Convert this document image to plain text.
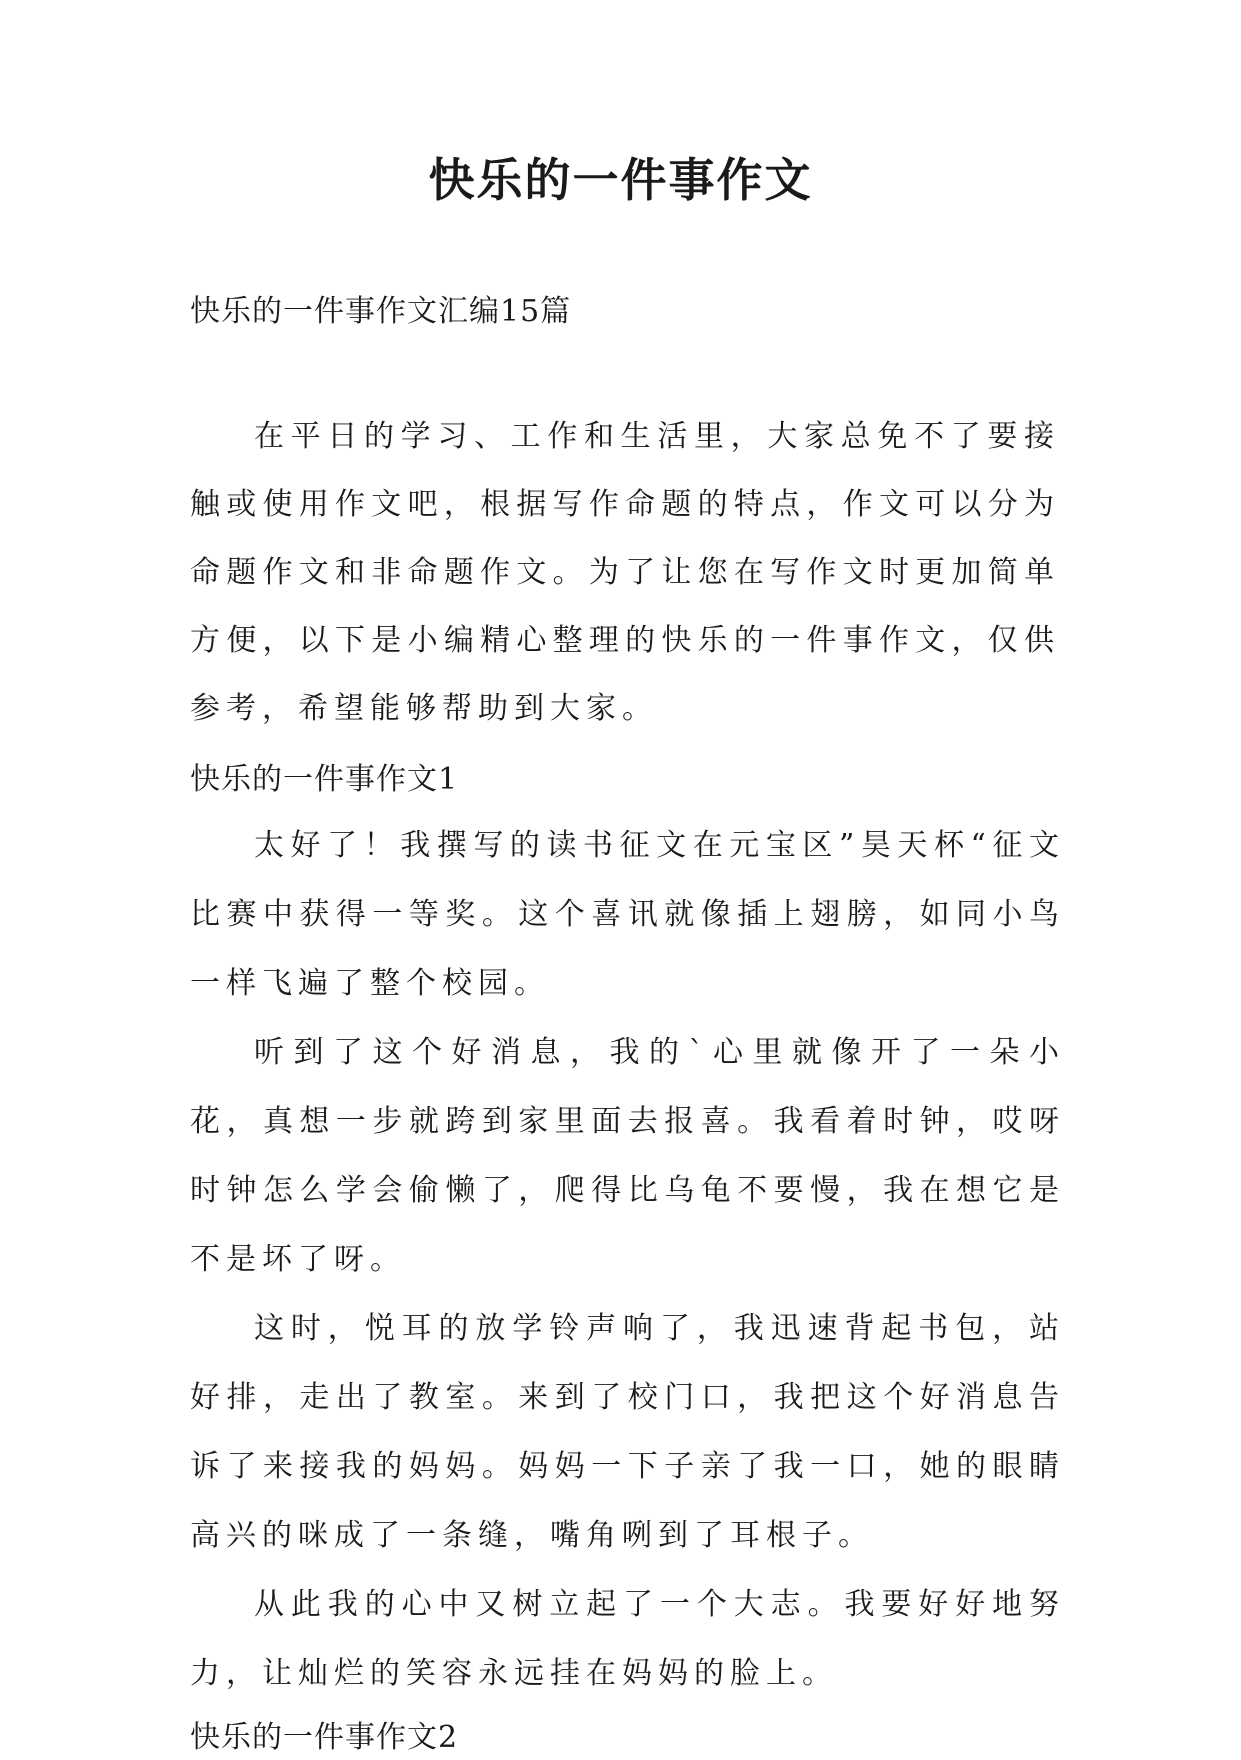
快乐的一件事作文

快乐的一件事作文汇编15篇

在平日的学习、工作和生活里，大家总免不了要接触或使用作文吧，根据写作命题的特点，作文可以分为命题作文和非命题作文。为了让您在写作文时更加简单方便，以下是小编精心整理的快乐的一件事作文，仅供参考，希望能够帮助到大家。

快乐的一件事作文1

太好了！我撰写的读书征文在元宝区”昊天杯“征文比赛中获得一等奖。这个喜讯就像插上翅膀，如同小鸟一样飞遍了整个校园。

听到了这个好消息，我的`心里就像开了一朵小花，真想一步就跨到家里面去报喜。我看着时钟，哎呀时钟怎么学会偷懒了，爬得比乌龟不要慢，我在想它是不是坏了呀。

这时，悦耳的放学铃声响了，我迅速背起书包，站好排，走出了教室。来到了校门口，我把这个好消息告诉了来接我的妈妈。妈妈一下子亲了我一口，她的眼睛高兴的咪成了一条缝，嘴角咧到了耳根子。

从此我的心中又树立起了一个大志。我要好好地努力，让灿烂的笑容永远挂在妈妈的脸上。

快乐的一件事作文2
